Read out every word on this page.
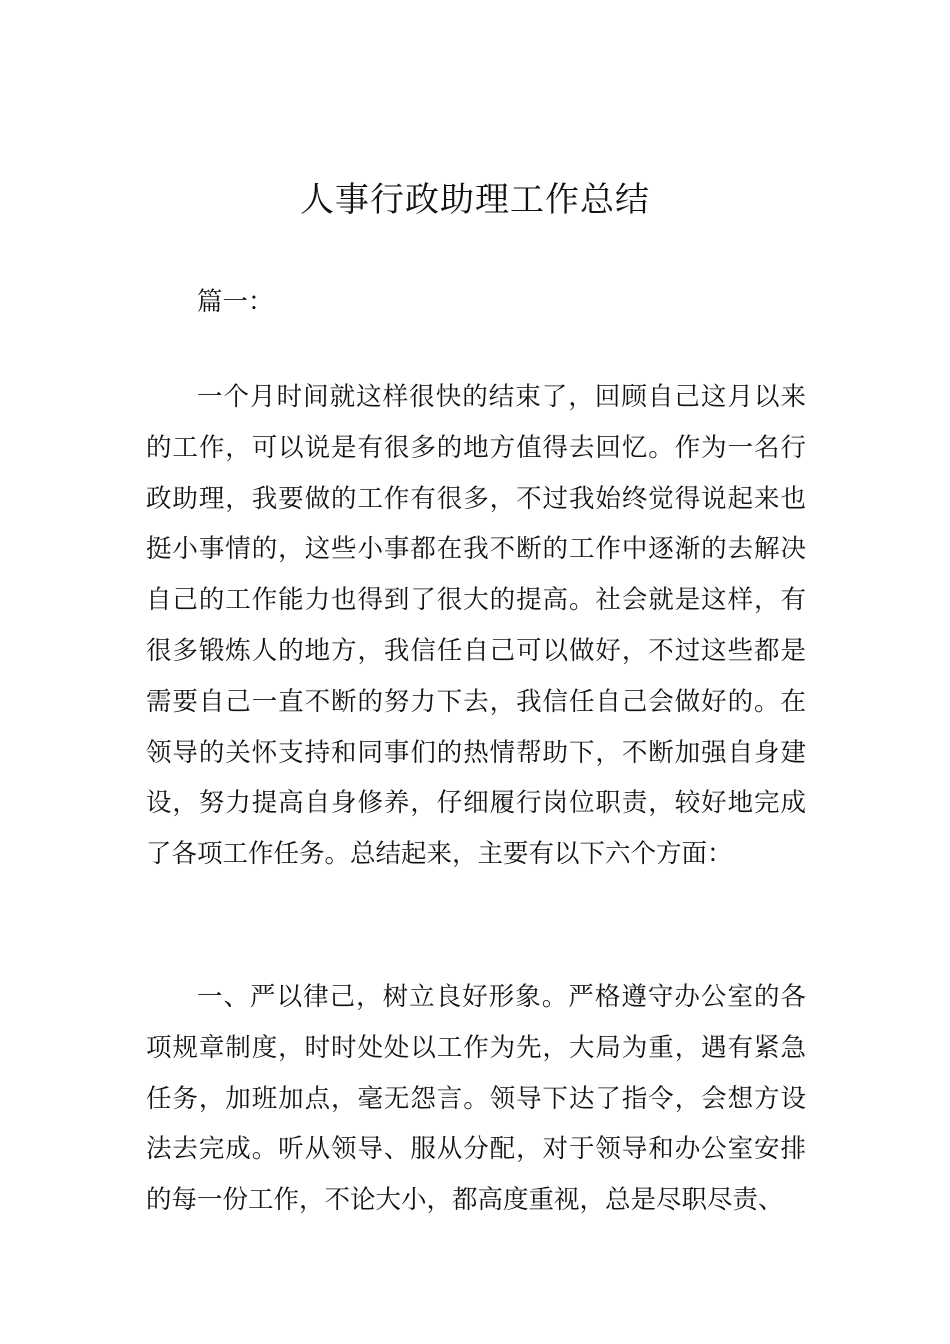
人事行政助理工作总结

篇一：

一个月时间就这样很快的结束了，回顾自己这月以来的工作，可以说是有很多的地方值得去回忆。作为一名行政助理，我要做的工作有很多，不过我始终觉得说起来也挺小事情的，这些小事都在我不断的工作中逐渐的去解决自己的工作能力也得到了很大的提高。社会就是这样，有很多锻炼人的地方，我信任自己可以做好，不过这些都是需要自己一直不断的努力下去，我信任自己会做好的。在领导的关怀支持和同事们的热情帮助下，不断加强自身建设，努力提高自身修养，仔细履行岗位职责，较好地完成了各项工作任务。总结起来，主要有以下六个方面：

一、严以律己，树立良好形象。严格遵守办公室的各项规章制度，时时处处以工作为先，大局为重，遇有紧急任务，加班加点，毫无怨言。领导下达了指令，会想方设法去完成。听从领导、服从分配，对于领导和办公室安排的每一份工作，不论大小，都高度重视，总是尽职尽责、
